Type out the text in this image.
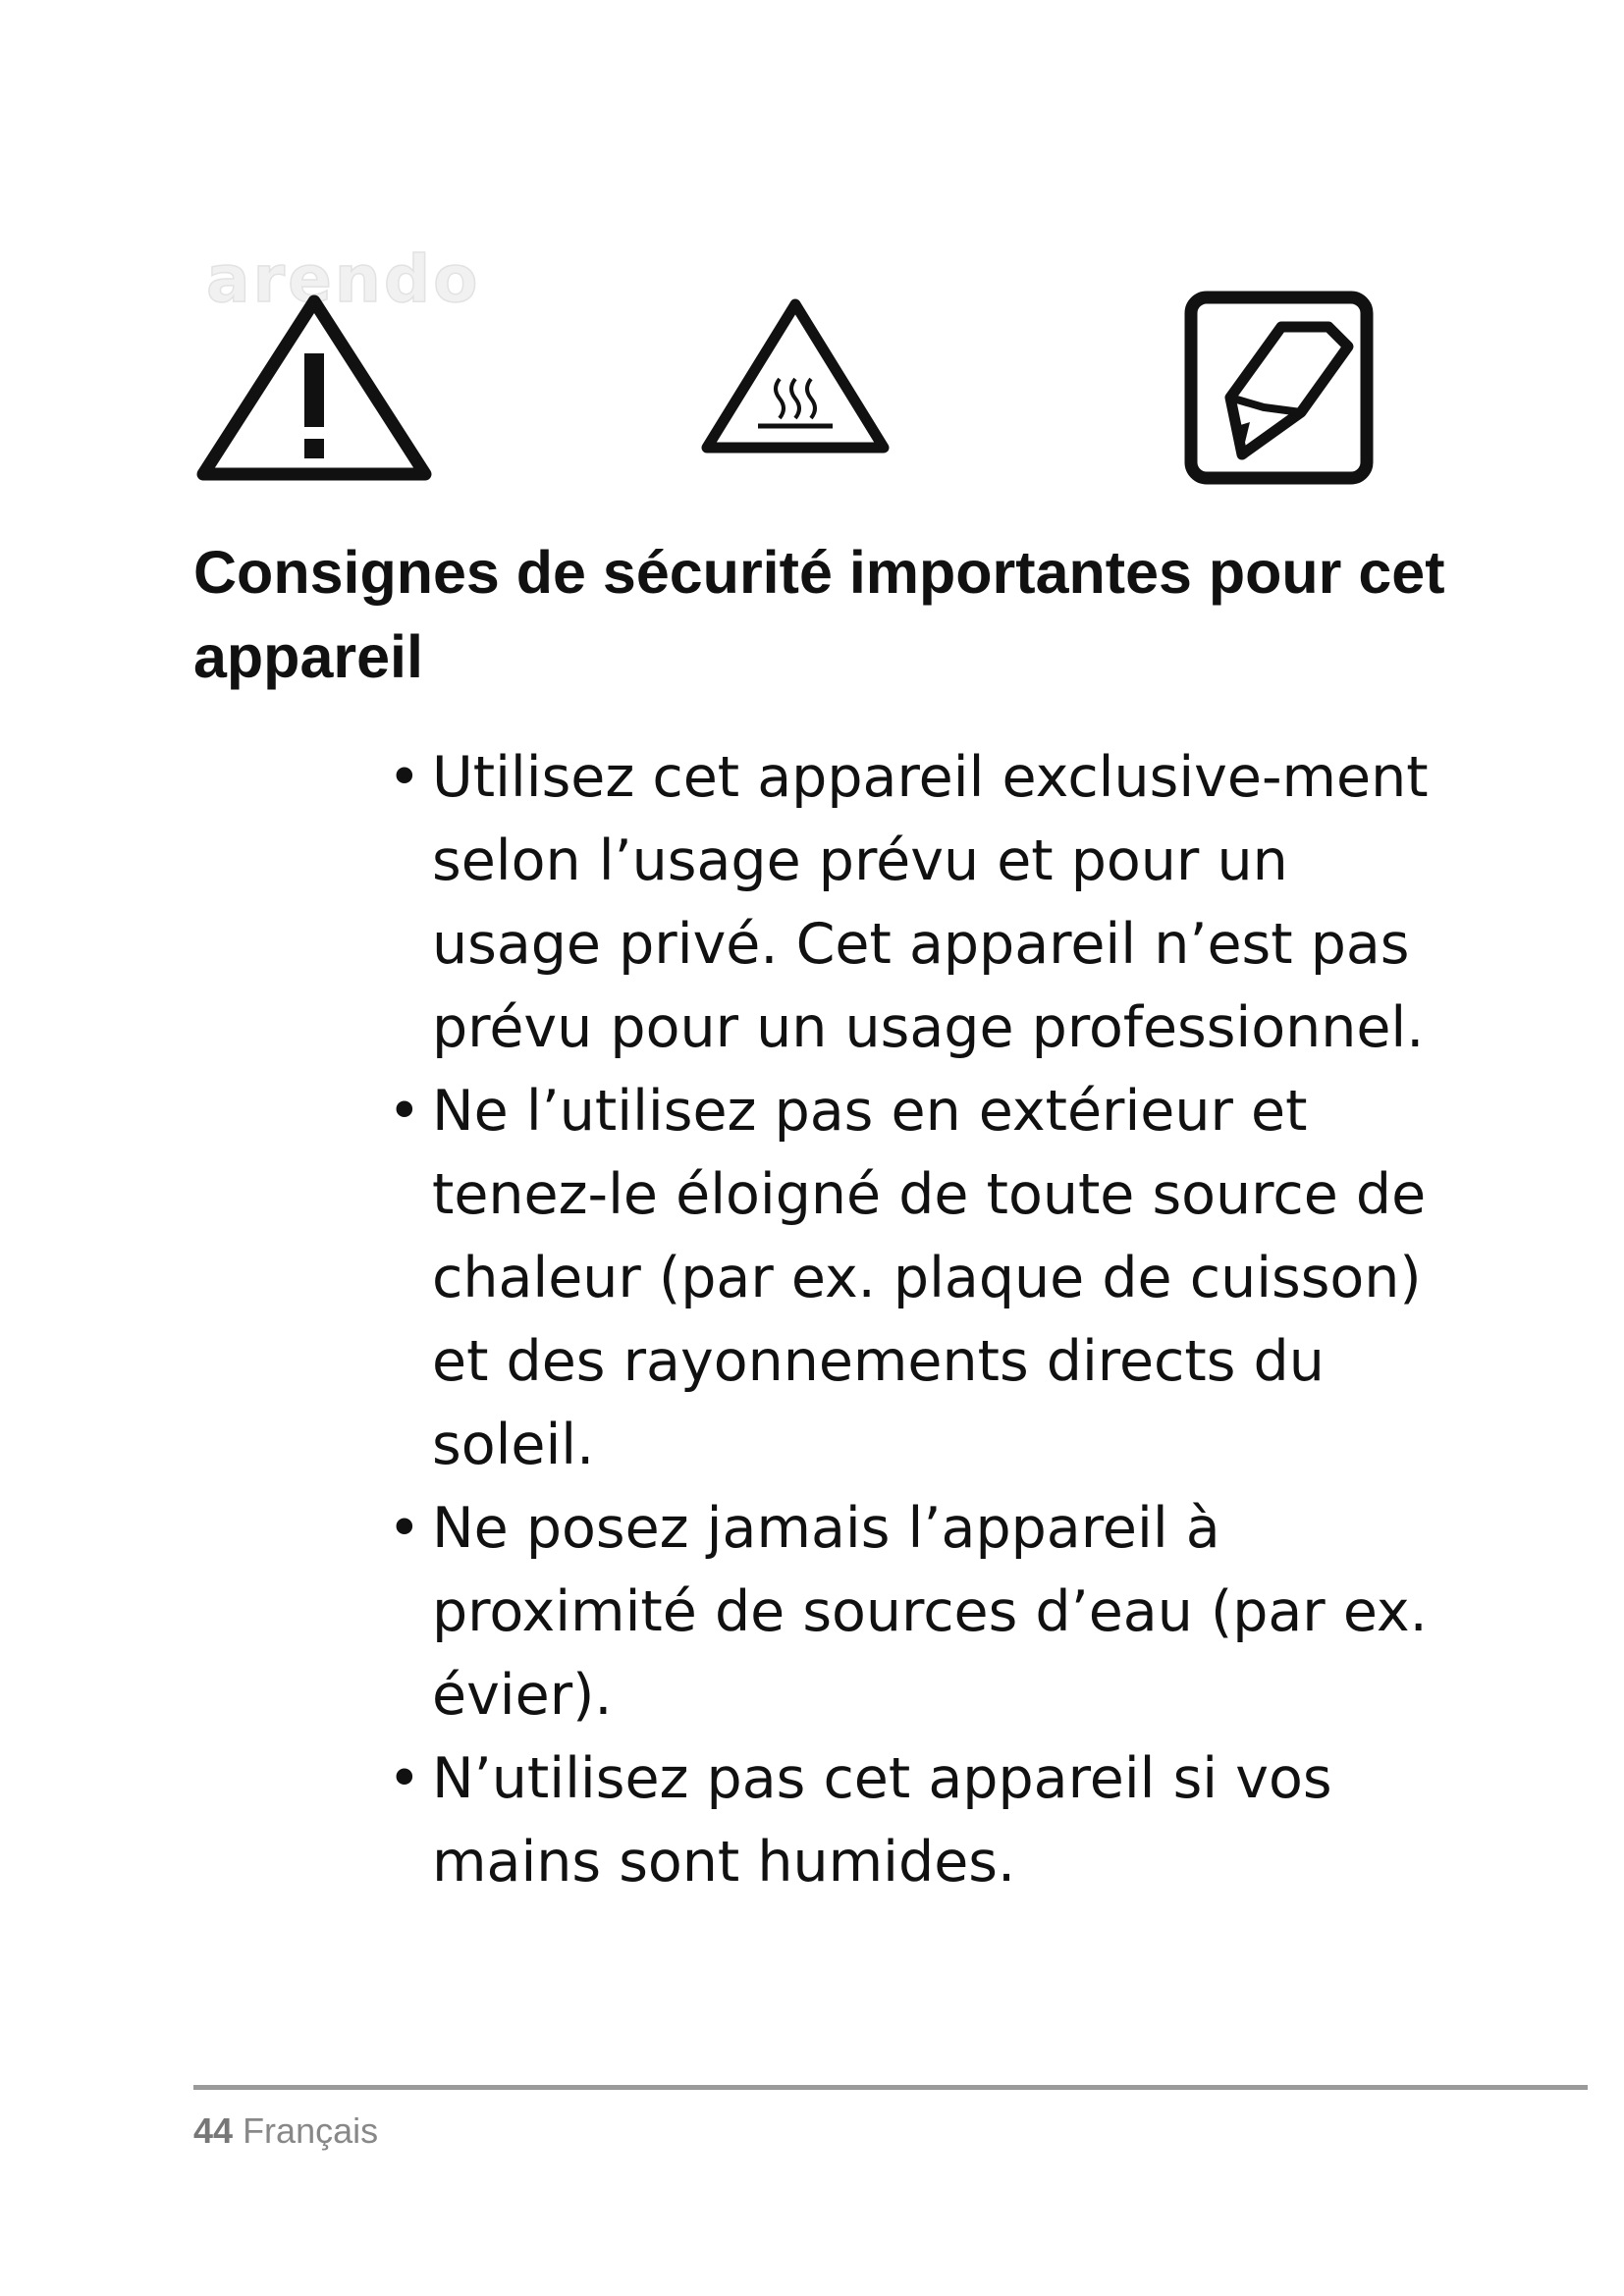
arendo
Consignes de sécurité importantes pour cet appareil
• Utilisez cet appareil exclusive-ment selon l’usage prévu et pour un usage privé. Cet appareil n’est pas prévu pour un usage professionnel.
• Ne l’utilisez pas en extérieur et tenez-le éloigné de toute source de chaleur (par ex. plaque de cuisson) et des rayonnements directs du soleil.
• Ne posez jamais l’appareil à proximité de sources d’eau (par ex. évier).
• N’utilisez pas cet appareil si vos mains sont humides.
44 Français
